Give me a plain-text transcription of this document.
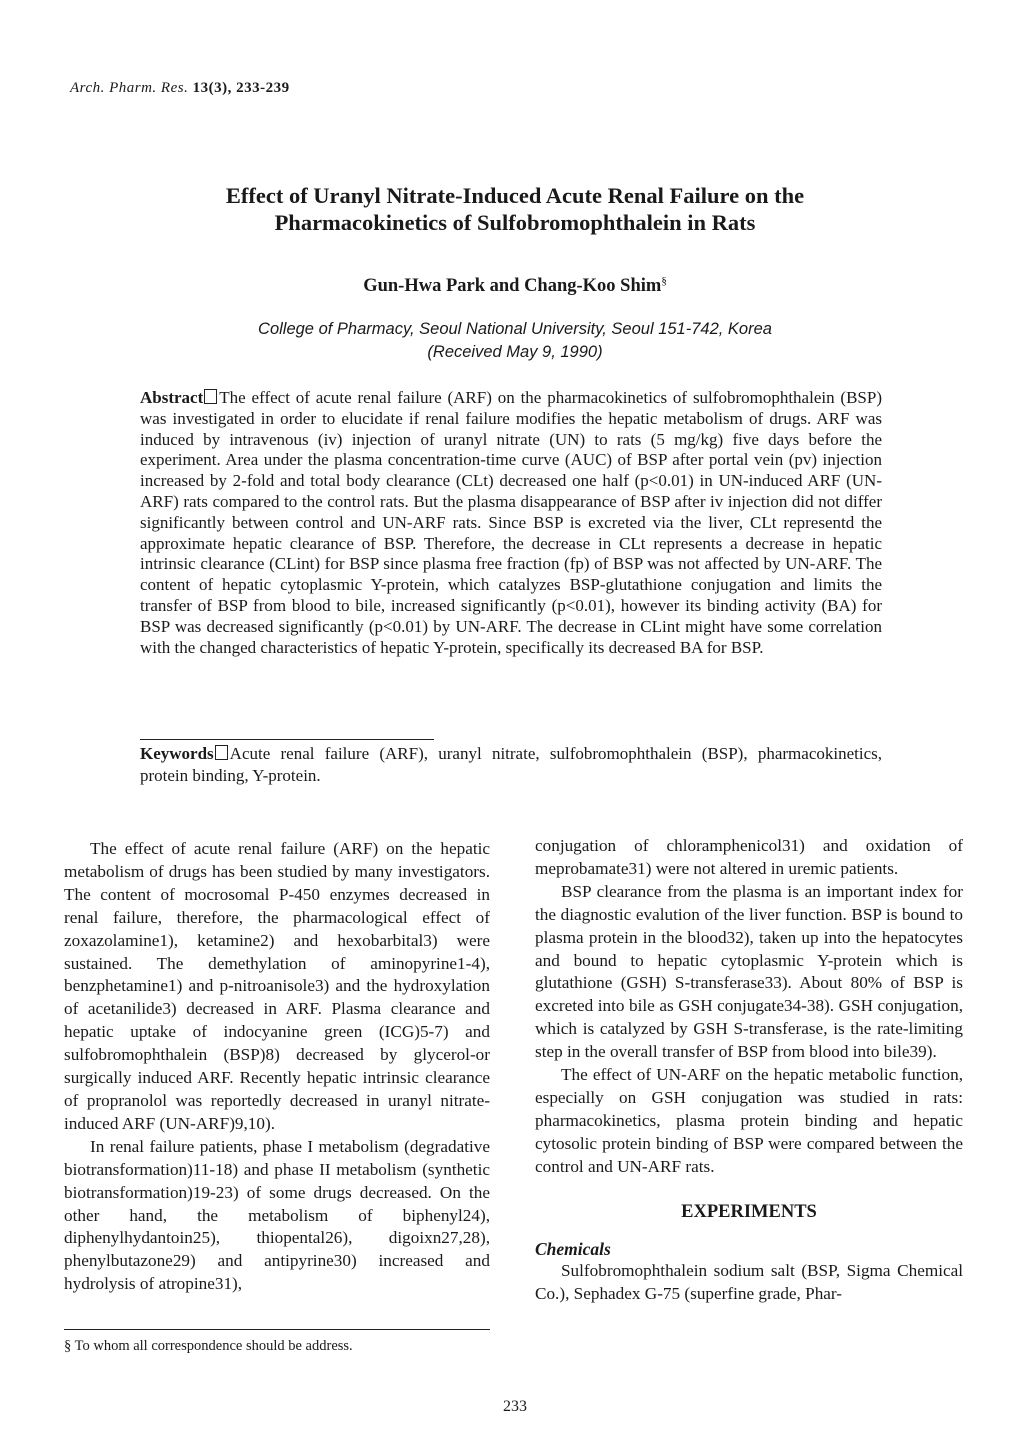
Arch. Pharm. Res. 13(3), 233-239
Effect of Uranyl Nitrate-Induced Acute Renal Failure on the
Pharmacokinetics of Sulfobromophthalein in Rats
Gun-Hwa Park and Chang-Koo Shim§
College of Pharmacy, Seoul National University, Seoul 151-742, Korea
(Received May 9, 1990)
Abstract The effect of acute renal failure (ARF) on the pharmacokinetics of sulfobromophthalein (BSP) was investigated in order to elucidate if renal failure modifies the hepatic metabolism of drugs. ARF was induced by intravenous (iv) injection of uranyl nitrate (UN) to rats (5 mg/kg) five days before the experiment. Area under the plasma concentration-time curve (AUC) of BSP after portal vein (pv) injection increased by 2-fold and total body clearance (CLt) decreased one half (p<0.01) in UN-induced ARF (UN-ARF) rats compared to the control rats. But the plasma disappearance of BSP after iv injection did not differ significantly between control and UN-ARF rats. Since BSP is excreted via the liver, CLt representd the approximate hepatic clearance of BSP. Therefore, the decrease in CLt represents a decrease in hepatic intrinsic clearance (CLint) for BSP since plasma free fraction (fp) of BSP was not affected by UN-ARF. The content of hepatic cytoplasmic Y-protein, which catalyzes BSP-glutathione conjugation and limits the transfer of BSP from blood to bile, increased significantly (p<0.01), however its binding activity (BA) for BSP was decreased significantly (p<0.01) by UN-ARF. The decrease in CLint might have some correlation with the changed characteristics of hepatic Y-protein, specifically its decreased BA for BSP.
Keywords Acute renal failure (ARF), uranyl nitrate, sulfobromophthalein (BSP), pharmacokinetics, protein binding, Y-protein.

The effect of acute renal failure (ARF) on the hepatic metabolism of drugs has been studied by many investigators. The content of mocrosomal P-450 enzymes decreased in renal failure, therefore, the pharmacological effect of zoxazolamine1), ketamine2) and hexobarbital3) were sustained. The demethylation of aminopyrine1-4), benzphetamine1) and p-nitroanisole3) and the hydroxylation of acetanilide3) decreased in ARF. Plasma clearance and hepatic uptake of indocyanine green (ICG)5-7) and sulfobromophthalein (BSP)8) decreased by glycerol-or surgically induced ARF. Recently hepatic intrinsic clearance of propranolol was reportedly decreased in uranyl nitrate-induced ARF (UN-ARF)9,10).

In renal failure patients, phase I metabolism (degradative biotransformation)11-18) and phase II metabolism (synthetic biotransformation)19-23) of some drugs decreased. On the other hand, the metabolism of biphenyl24), diphenylhydantoin25), thiopental26), digoixn27,28), phenylbutazone29) and antipyrine30) increased and hydrolysis of atropine31),

conjugation of chloramphenicol31) and oxidation of meprobamate31) were not altered in uremic patients.

BSP clearance from the plasma is an important index for the diagnostic evalution of the liver function. BSP is bound to plasma protein in the blood32), taken up into the hepatocytes and bound to hepatic cytoplasmic Y-protein which is glutathione (GSH) S-transferase33). About 80% of BSP is excreted into bile as GSH conjugate34-38). GSH conjugation, which is catalyzed by GSH S-transferase, is the rate-limiting step in the overall transfer of BSP from blood into bile39).

The effect of UN-ARF on the hepatic metabolic function, especially on GSH conjugation was studied in rats: pharmacokinetics, plasma protein binding and hepatic cytosolic protein binding of BSP were compared between the control and UN-ARF rats.

EXPERIMENTS
Chemicals

Sulfobromophthalein sodium salt (BSP, Sigma Chemical Co.), Sephadex G-75 (superfine grade, Phar-

§ To whom all correspondence should be address.
233
